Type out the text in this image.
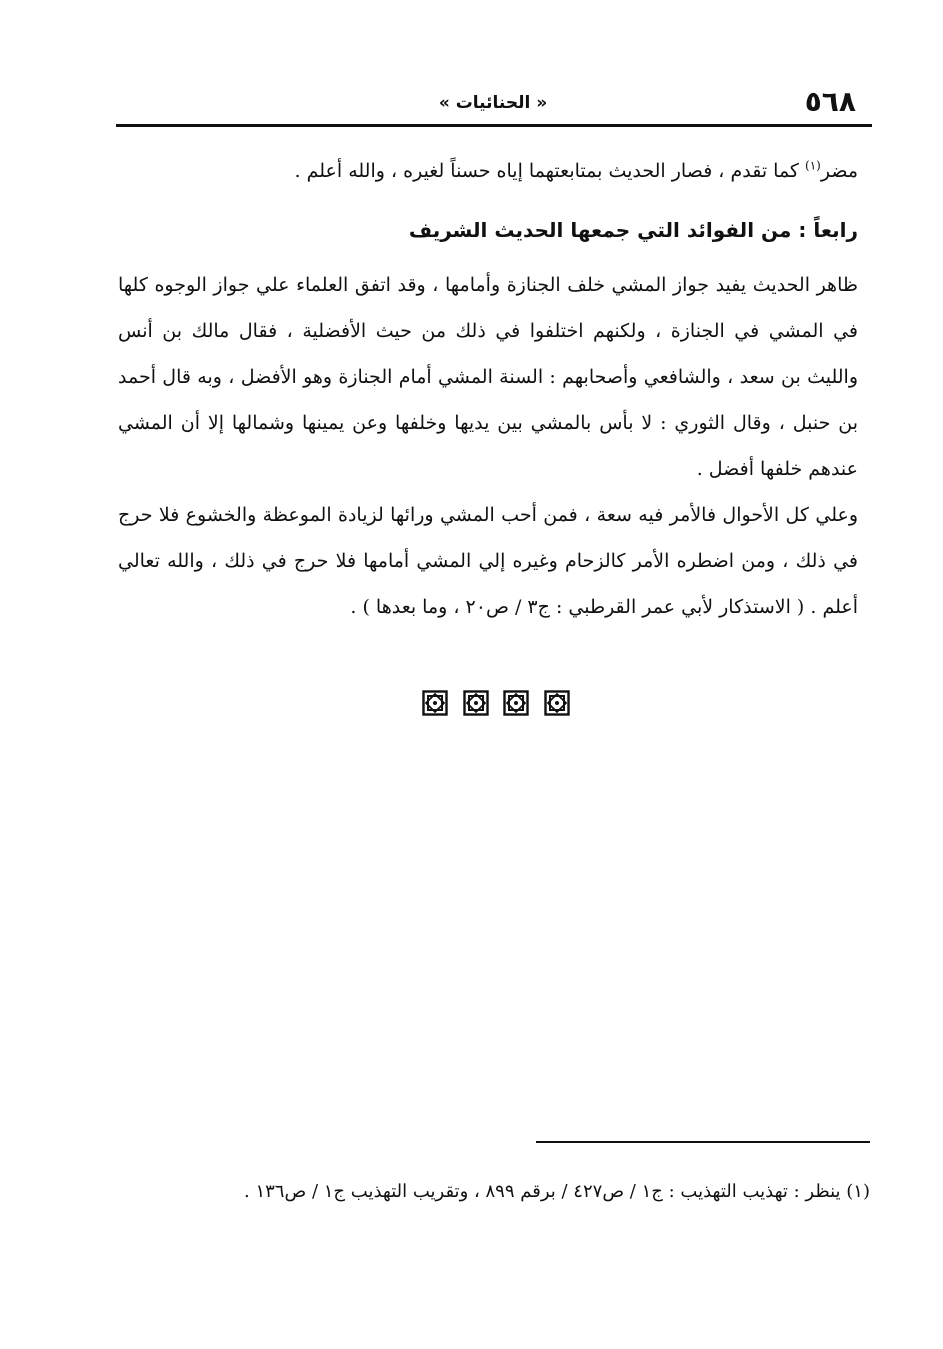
٥٦٨
« الحنائيات »

مضر$^{(١)}$ كما تقدم ، فصار الحديث بمتابعتهما إياه حسناً لغيره ، والله أعلم .

رابعاً : من الفوائد التي جمعها الحديث الشريف

ظاهر الحديث يفيد جواز المشي خلف الجنازة وأمامها ، وقد اتفق العلماء علي جواز الوجوه كلها في المشي في الجنازة ، ولكنهم اختلفوا في ذلك من حيث الأفضلية ، فقال مالك بن أنس والليث بن سعد ، والشافعي وأصحابهم : السنة المشي أمام الجنازة وهو الأفضل ، وبه قال أحمد بن حنبل ، وقال الثوري : لا بأس بالمشي بين يديها وخلفها وعن يمينها وشمالها إلا أن المشي عندهم خلفها أفضل .

وعلي كل الأحوال فالأمر فيه سعة ، فمن أحب المشي ورائها لزيادة الموعظة والخشوع فلا حرج في ذلك ، ومن اضطره الأمر كالزحام وغيره إلي المشي أمامها فلا حرج في ذلك ، والله تعالي أعلم . ( الاستذكار لأبي عمر القرطبي : ج٣ / ص٢٠ ، وما بعدها ) .

(١) ينظر : تهذيب التهذيب : ج١ / ص٤٢٧ / برقم ٨٩٩ ، وتقريب التهذيب ج١ / ص١٣٦ .
